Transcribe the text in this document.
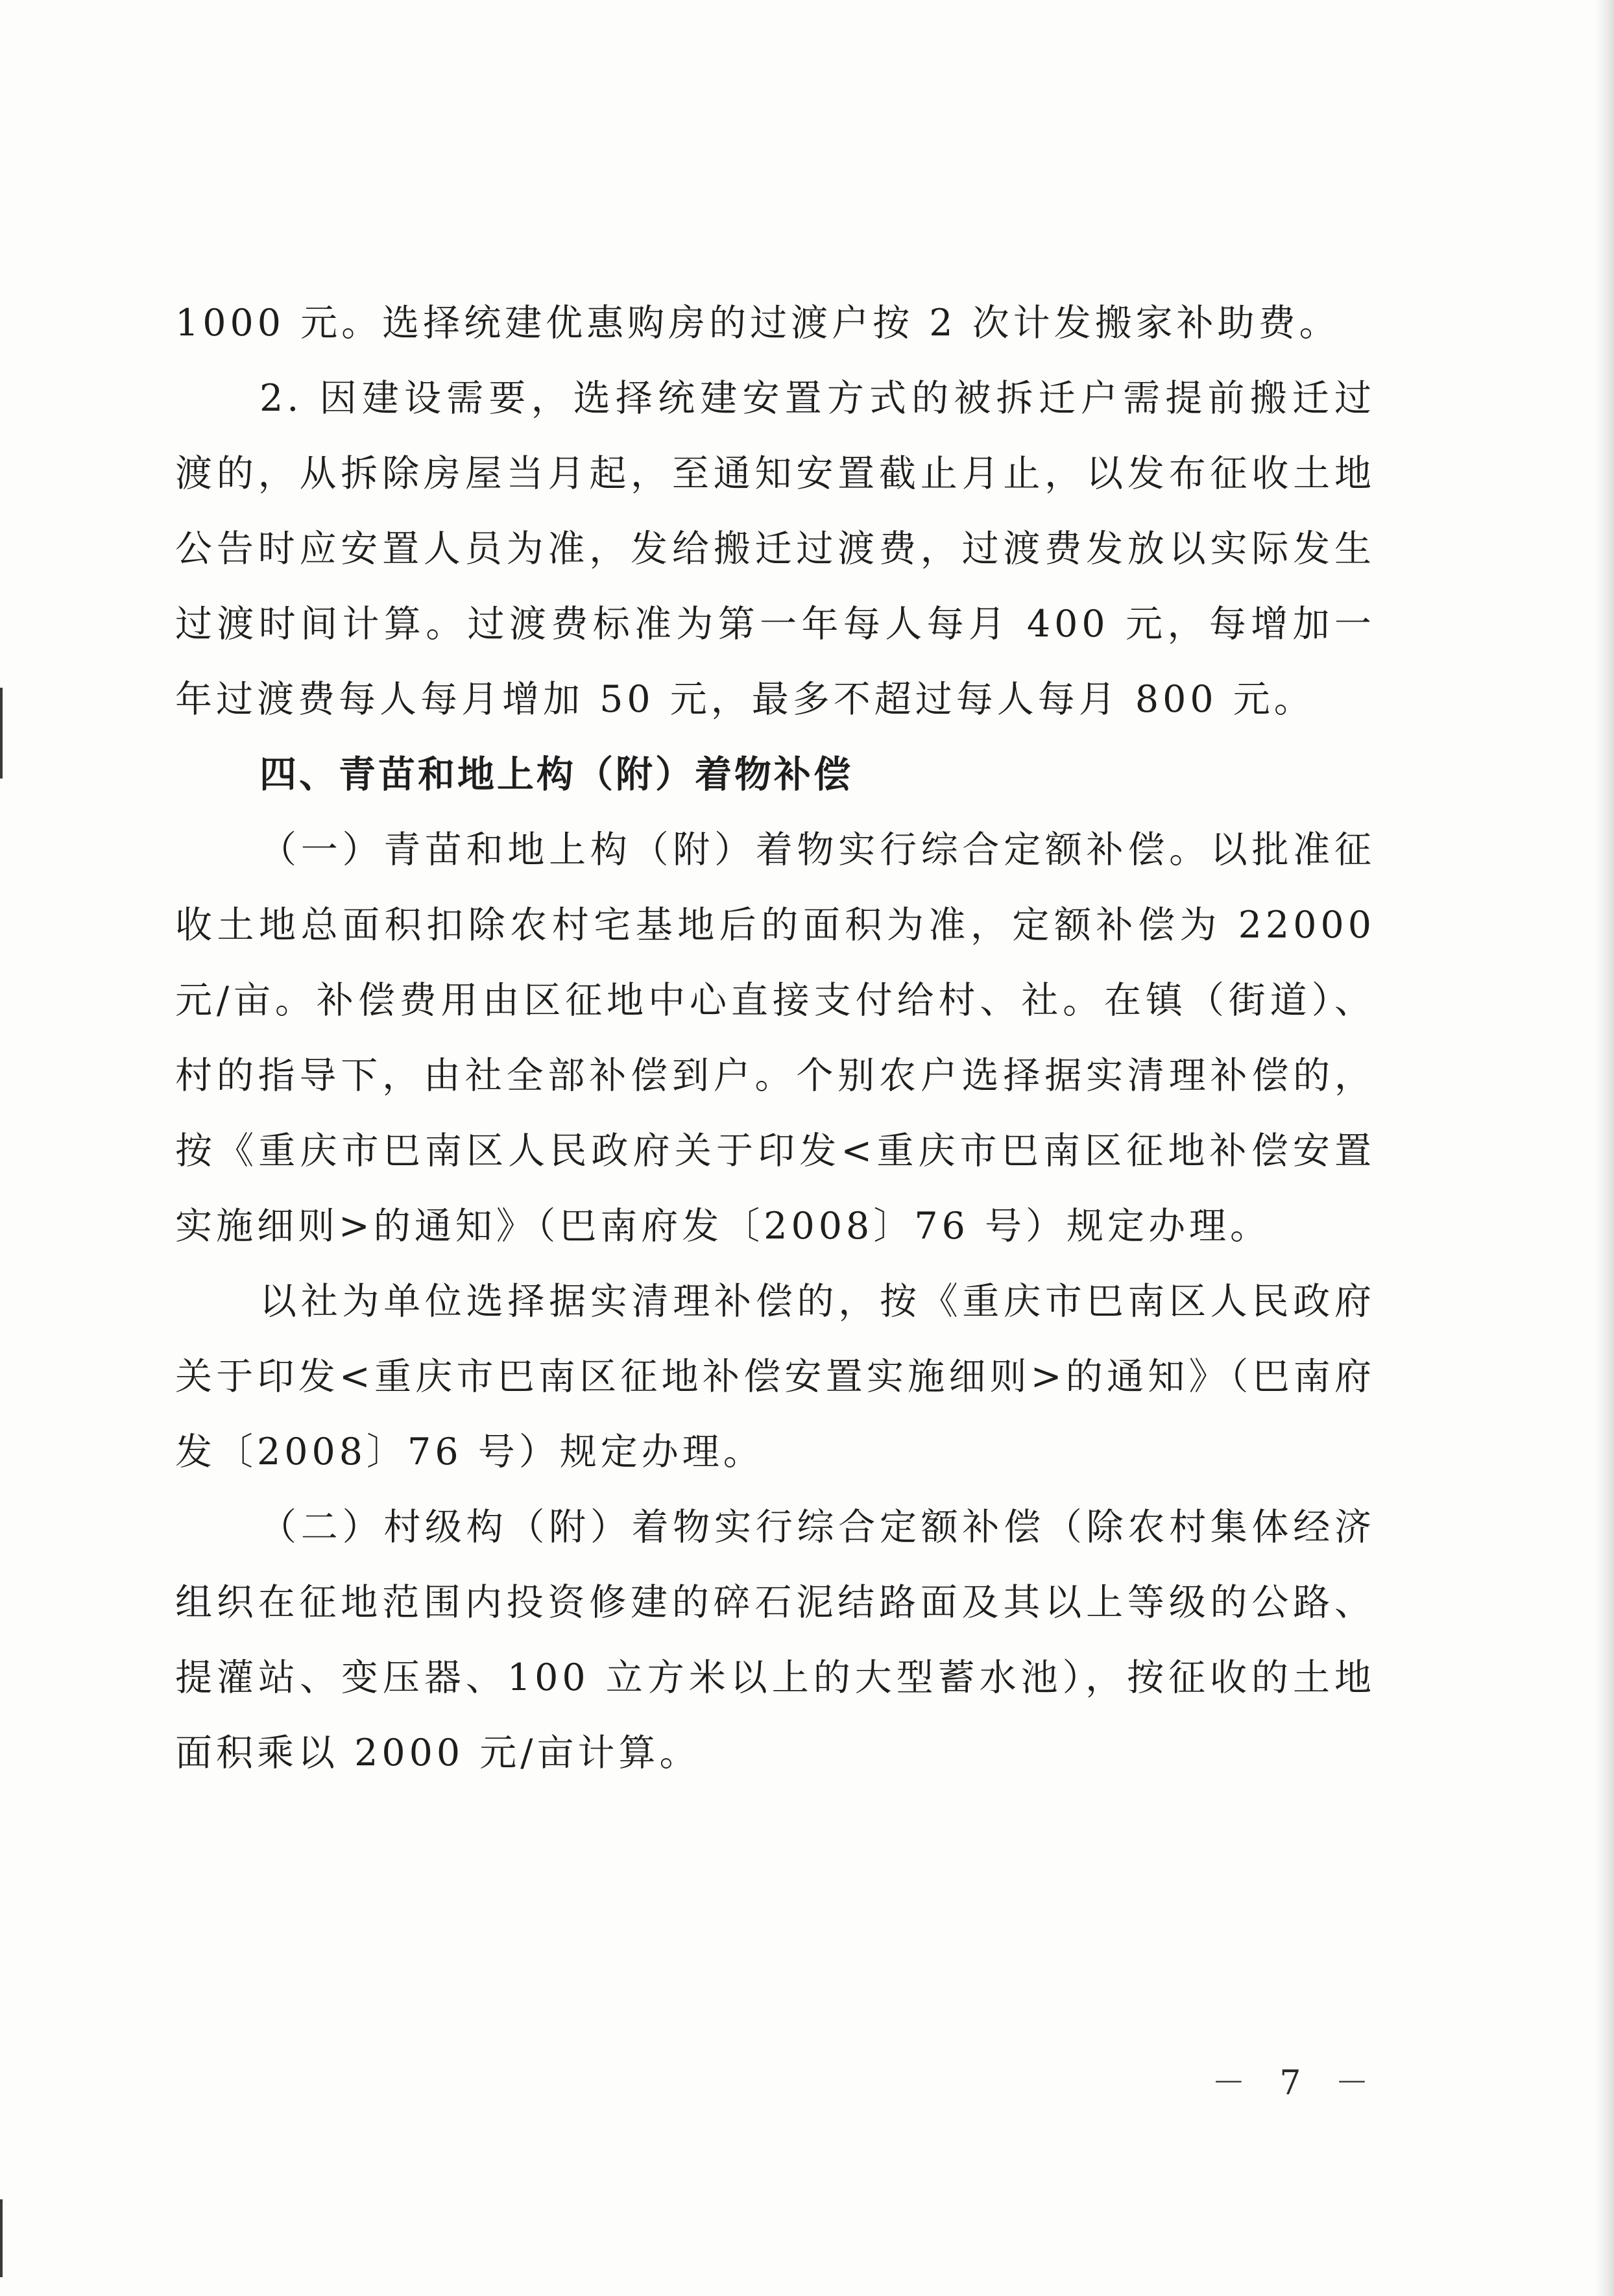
1000 元。选择统建优惠购房的过渡户按 2 次计发搬家补助费。

2. 因建设需要，选择统建安置方式的被拆迁户需提前搬迁过渡的，从拆除房屋当月起，至通知安置截止月止，以发布征收土地公告时应安置人员为准，发给搬迁过渡费，过渡费发放以实际发生过渡时间计算。过渡费标准为第一年每人每月 400 元，每增加一年过渡费每人每月增加 50 元，最多不超过每人每月 800 元。

四、青苗和地上构（附）着物补偿

（一）青苗和地上构（附）着物实行综合定额补偿。以批准征收土地总面积扣除农村宅基地后的面积为准，定额补偿为 22000 元/亩。补偿费用由区征地中心直接支付给村、社。在镇（街道）、村的指导下，由社全部补偿到户。个别农户选择据实清理补偿的，按《重庆市巴南区人民政府关于印发<重庆市巴南区征地补偿安置实施细则>的通知》（巴南府发〔2008〕76 号）规定办理。

以社为单位选择据实清理补偿的，按《重庆市巴南区人民政府关于印发<重庆市巴南区征地补偿安置实施细则>的通知》（巴南府发〔2008〕76 号）规定办理。

（二）村级构（附）着物实行综合定额补偿（除农村集体经济组织在征地范围内投资修建的碎石泥结路面及其以上等级的公路、提灌站、变压器、100 立方米以上的大型蓄水池），按征收的土地面积乘以 2000 元/亩计算。

－ 7 －
